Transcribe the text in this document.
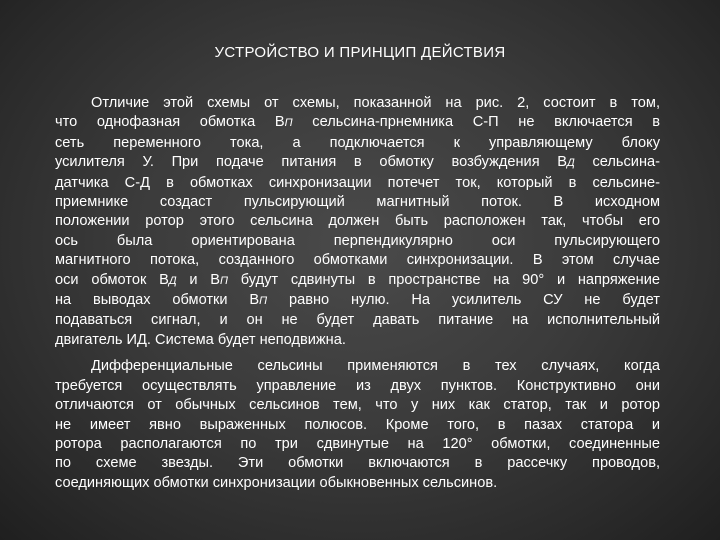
УСТРОЙСТВО И ПРИНЦИП ДЕЙСТВИЯ
Отличие этой схемы от схемы, показанной на рис. 2, состоит в том,
что однофазная обмотка ВП сельсина-прнемника С-П не включается в
сеть переменного тока, а подключается к управляющему блоку
усилителя У. При подаче питания в обмотку возбуждения ВД сельсина-
датчика С-Д в обмотках синхронизации потечет ток, который в сельсине-
приемнике создаст пульсирующий магнитный поток. В исходном
положении ротор этого сельсина должен быть расположен так, чтобы его
ось была ориентирована перпендикулярно оси пульсирующего
магнитного потока, созданного обмотками синхронизации. В этом случае
оси обмоток ВД и ВП будут сдвинуты в пространстве на 90° и напряжение
на выводах обмотки ВП равно нулю. На усилитель СУ не будет
подаваться сигнал, и он не будет давать питание на исполнительный
двигатель ИД. Система будет неподвижна.
Дифференциальные сельсины применяются в тех случаях, когда
требуется осуществлять управление из двух пунктов. Конструктивно они
отличаются от обычных сельсинов тем, что у них как статор, так и ротор
не имеет явно выраженных полюсов. Кроме того, в пазах статора и
ротора располагаются по три сдвинутые на 120° обмотки, соединенные
по схеме звезды. Эти обмотки включаются в рассечку проводов,
соединяющих обмотки синхронизации обыкновенных сельсинов.
